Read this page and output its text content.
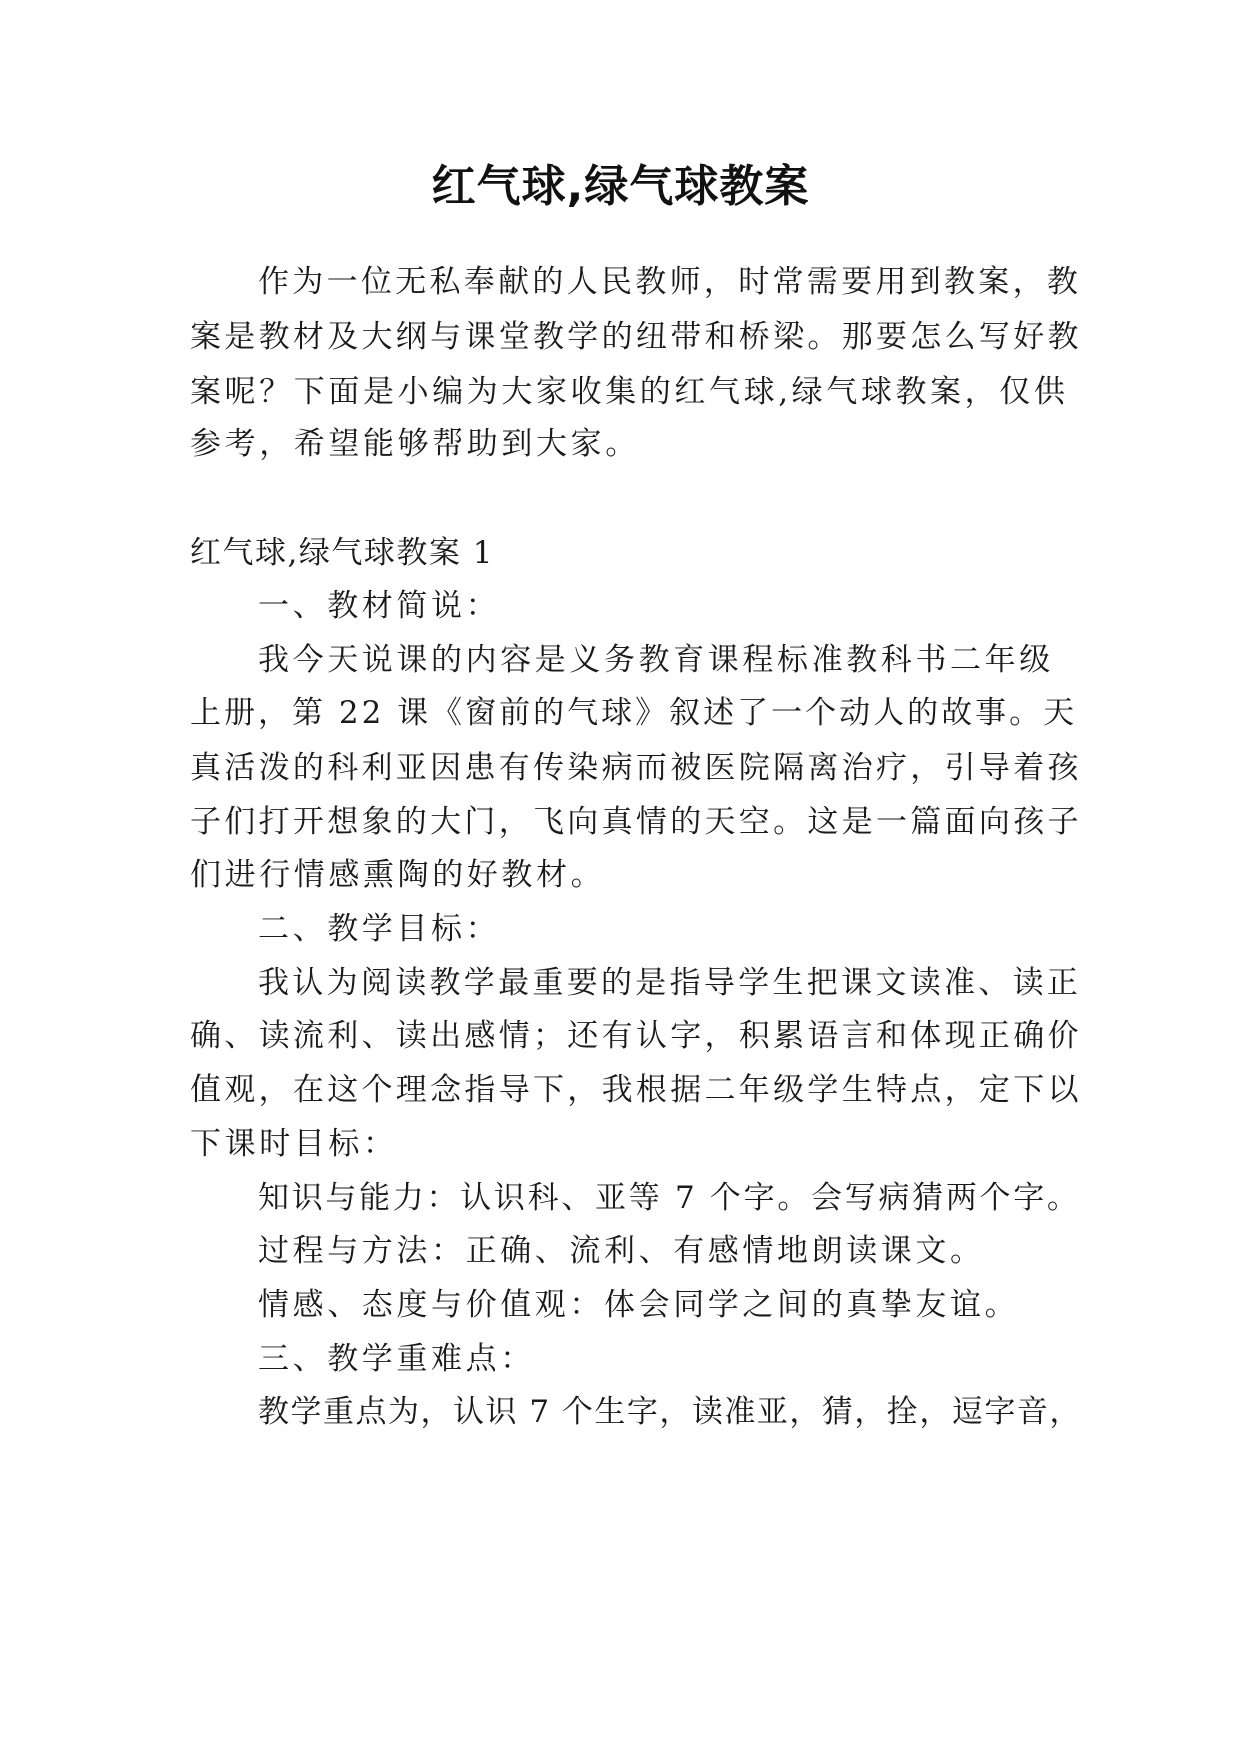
红气球,绿气球教案

作为一位无私奉献的人民教师，时常需要用到教案，教

案是教材及大纲与课堂教学的纽带和桥梁。那要怎么写好教

案呢？下面是小编为大家收集的红气球,绿气球教案，仅供

参考，希望能够帮助到大家。

红气球,绿气球教案 1

一、教材简说：

我今天说课的内容是义务教育课程标准教科书二年级

上册，第 22 课《窗前的气球》叙述了一个动人的故事。天

真活泼的科利亚因患有传染病而被医院隔离治疗，引导着孩

子们打开想象的大门，飞向真情的天空。这是一篇面向孩子

们进行情感熏陶的好教材。

二、教学目标：

我认为阅读教学最重要的是指导学生把课文读准、读正

确、读流利、读出感情；还有认字，积累语言和体现正确价

值观，在这个理念指导下，我根据二年级学生特点，定下以

下课时目标：

知识与能力：认识科、亚等 7 个字。会写病猜两个字。

过程与方法：正确、流利、有感情地朗读课文。

情感、态度与价值观：体会同学之间的真挚友谊。

三、教学重难点：

教学重点为，认识 7 个生字，读准亚，猜，拴，逗字音，
